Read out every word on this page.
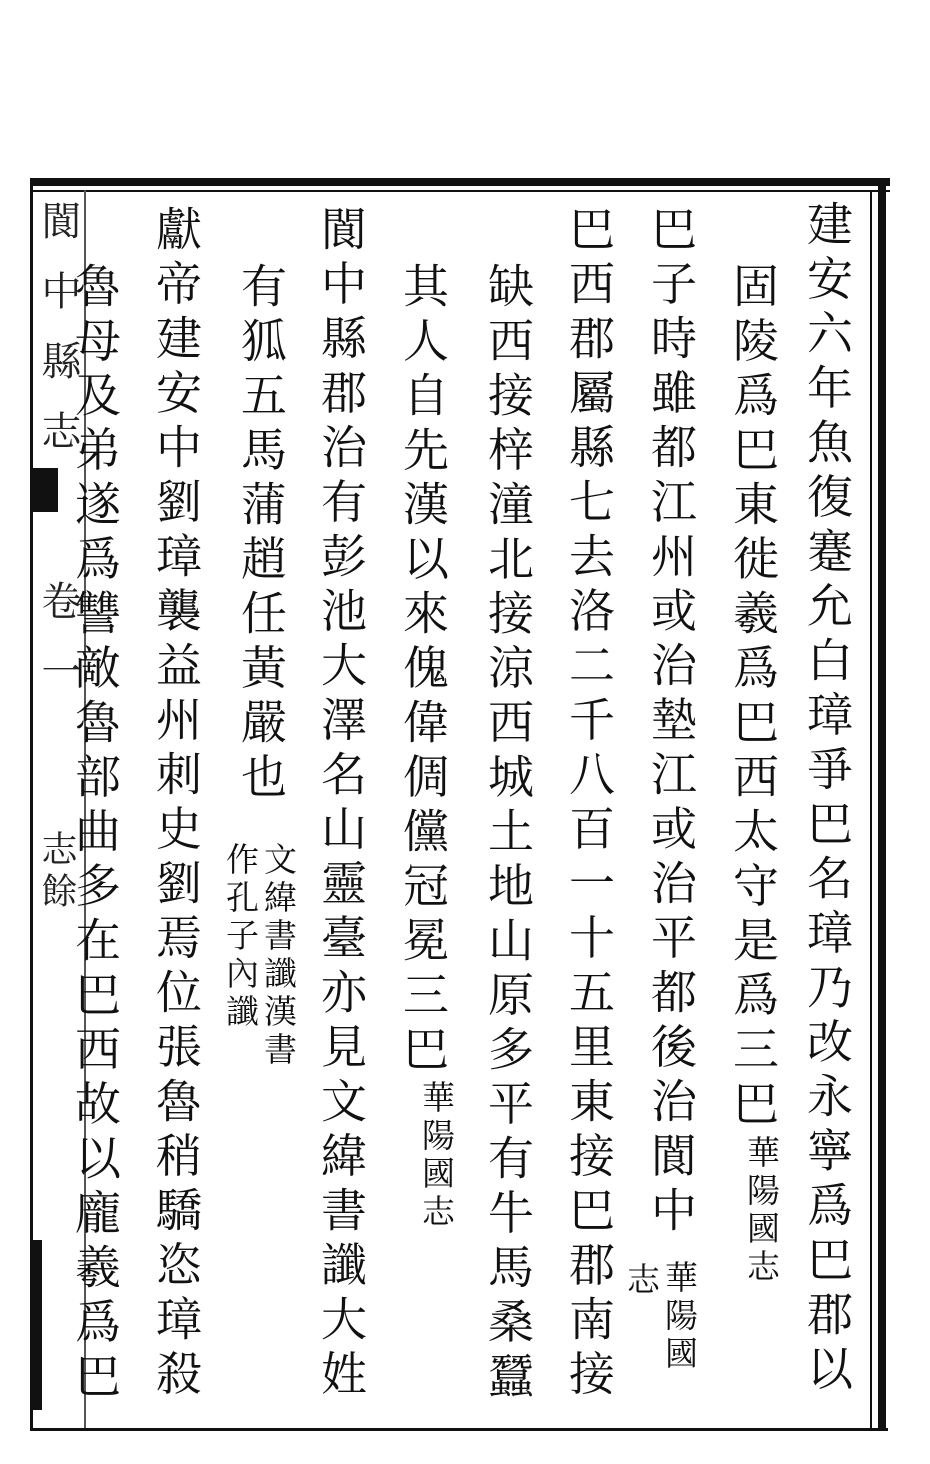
閬中縣志
卷一
志餘	建安六年魚復蹇允白璋爭巴名璋乃改永寧爲巴郡以
固陵爲巴東徙羲爲巴西太守是爲三巴
華陽國志
巴子時雖都江州或治墊江或治平都後治閬中
華陽國
志
巴西郡屬縣七去洛二千八百一十五里東接巴郡南接
缺西接梓潼北接涼西城土地山原多平有牛馬桑蠶
其人自先漢以來傀偉倜儻冠冕三巴
華陽國志
閬中縣郡治有彭池大澤名山靈臺亦見文緯書讖大姓
有狐五馬蒲趙任黃嚴也
文緯書讖漢書
作孔子內讖
獻帝建安中劉璋襲益州刺史劉焉位張魯稍驕恣璋殺
魯母及弟遂爲讐敵魯部曲多在巴西故以龐羲爲巴
